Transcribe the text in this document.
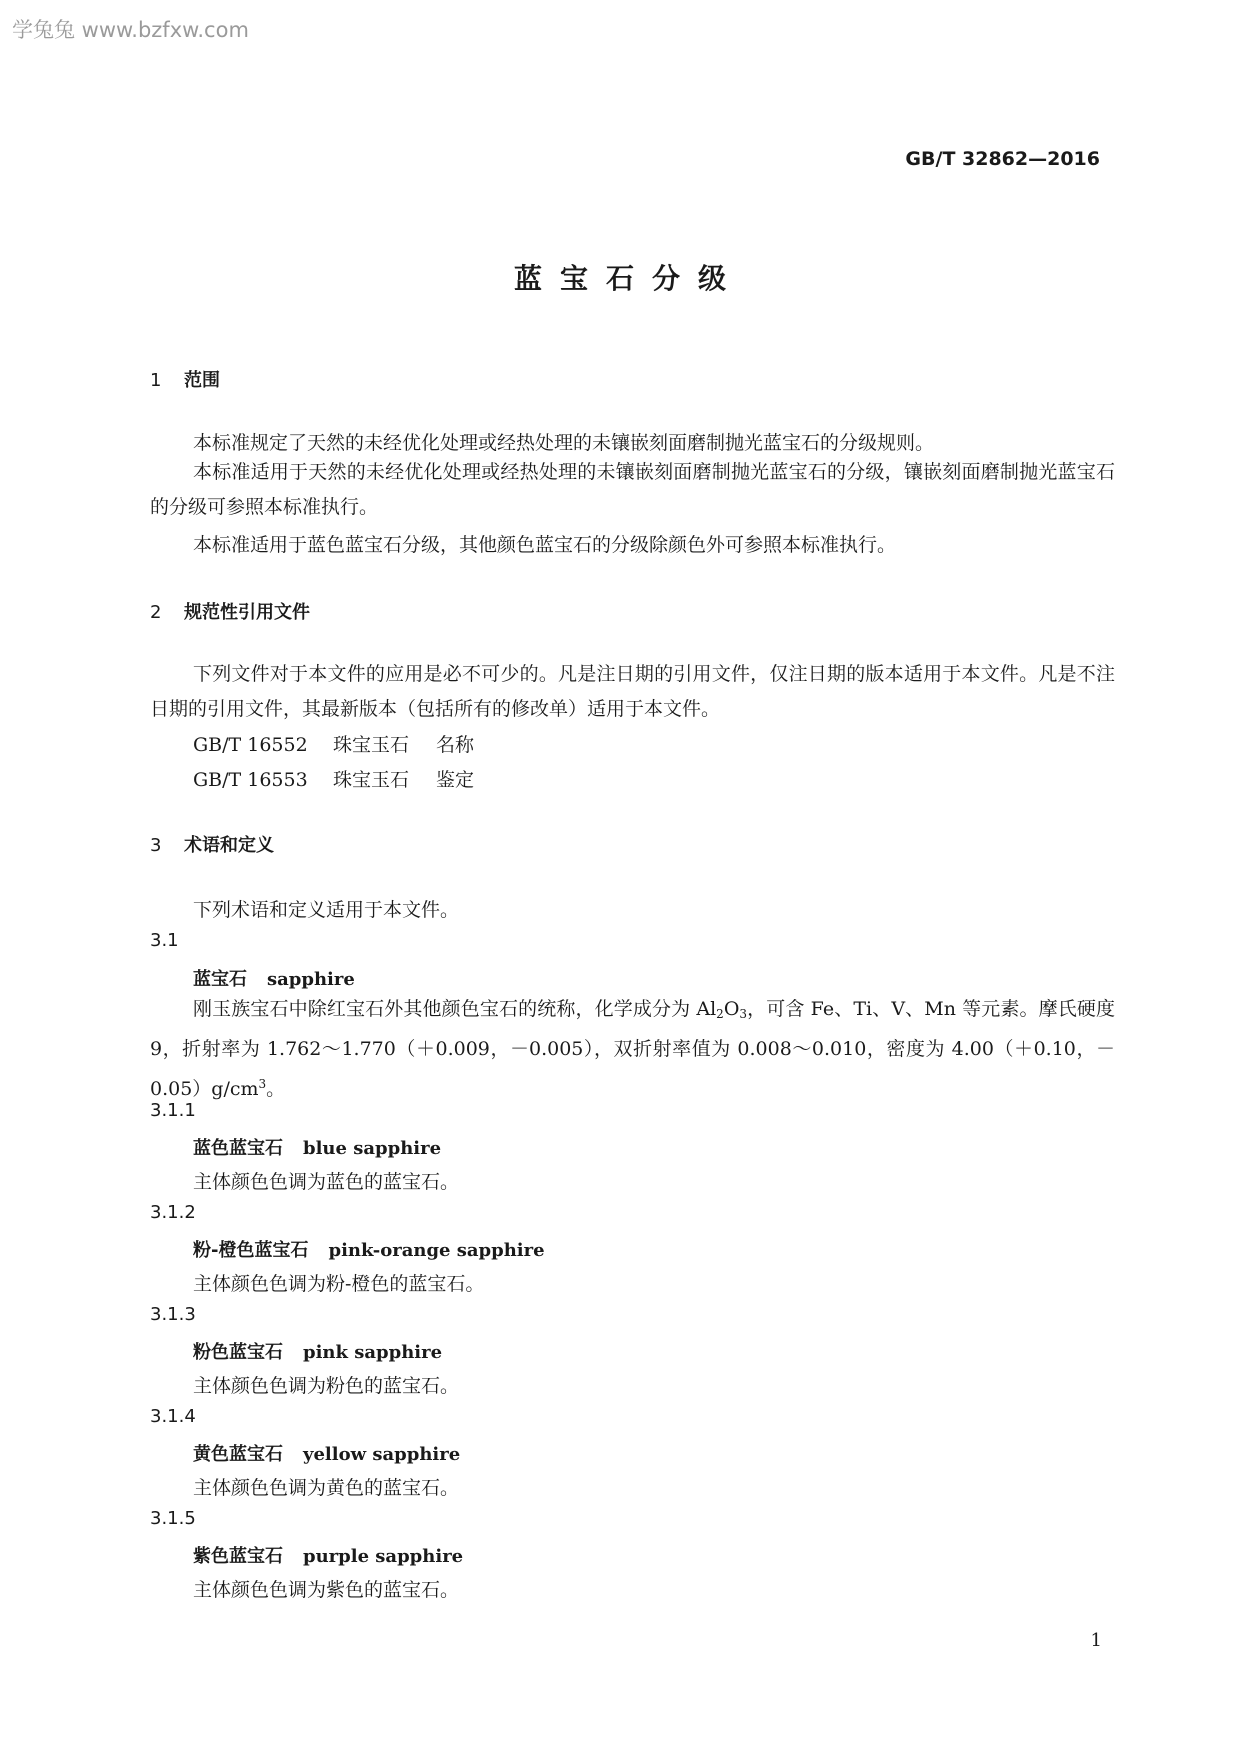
学兔兔 www.bzfxw.com
GB/T 32862—2016
蓝宝石分级
1 范围
本标准规定了天然的未经优化处理或经热处理的未镶嵌刻面磨制抛光蓝宝石的分级规则。
本标准适用于天然的未经优化处理或经热处理的未镶嵌刻面磨制抛光蓝宝石的分级，镶嵌刻面磨制抛光蓝宝石的分级可参照本标准执行。
本标准适用于蓝色蓝宝石分级，其他颜色蓝宝石的分级除颜色外可参照本标准执行。
2 规范性引用文件
下列文件对于本文件的应用是必不可少的。凡是注日期的引用文件，仅注日期的版本适用于本文件。凡是不注日期的引用文件，其最新版本（包括所有的修改单）适用于本文件。
GB/T 16552 珠宝玉石 名称
GB/T 16553 珠宝玉石 鉴定
3 术语和定义
下列术语和定义适用于本文件。
3.1
蓝宝石 sapphire
刚玉族宝石中除红宝石外其他颜色宝石的统称，化学成分为 $Al_2O_3$，可含 Fe、Ti、V、Mn 等元素。摩氏硬度 9，折射率为 1.762～1.770（＋0.009，－0.005），双折射率值为 0.008～0.010，密度为 4.00（＋0.10，$-0.05)g/cm^3$。
3.1.1
蓝色蓝宝石 blue sapphire
主体颜色色调为蓝色的蓝宝石。
3.1.2
粉-橙色蓝宝石 pink-orange sapphire
主体颜色色调为粉-橙色的蓝宝石。
3.1.3
粉色蓝宝石 pink sapphire
主体颜色色调为粉色的蓝宝石。
3.1.4
黄色蓝宝石 yellow sapphire
主体颜色色调为黄色的蓝宝石。
3.1.5
紫色蓝宝石 purple sapphire
主体颜色色调为紫色的蓝宝石。
1
